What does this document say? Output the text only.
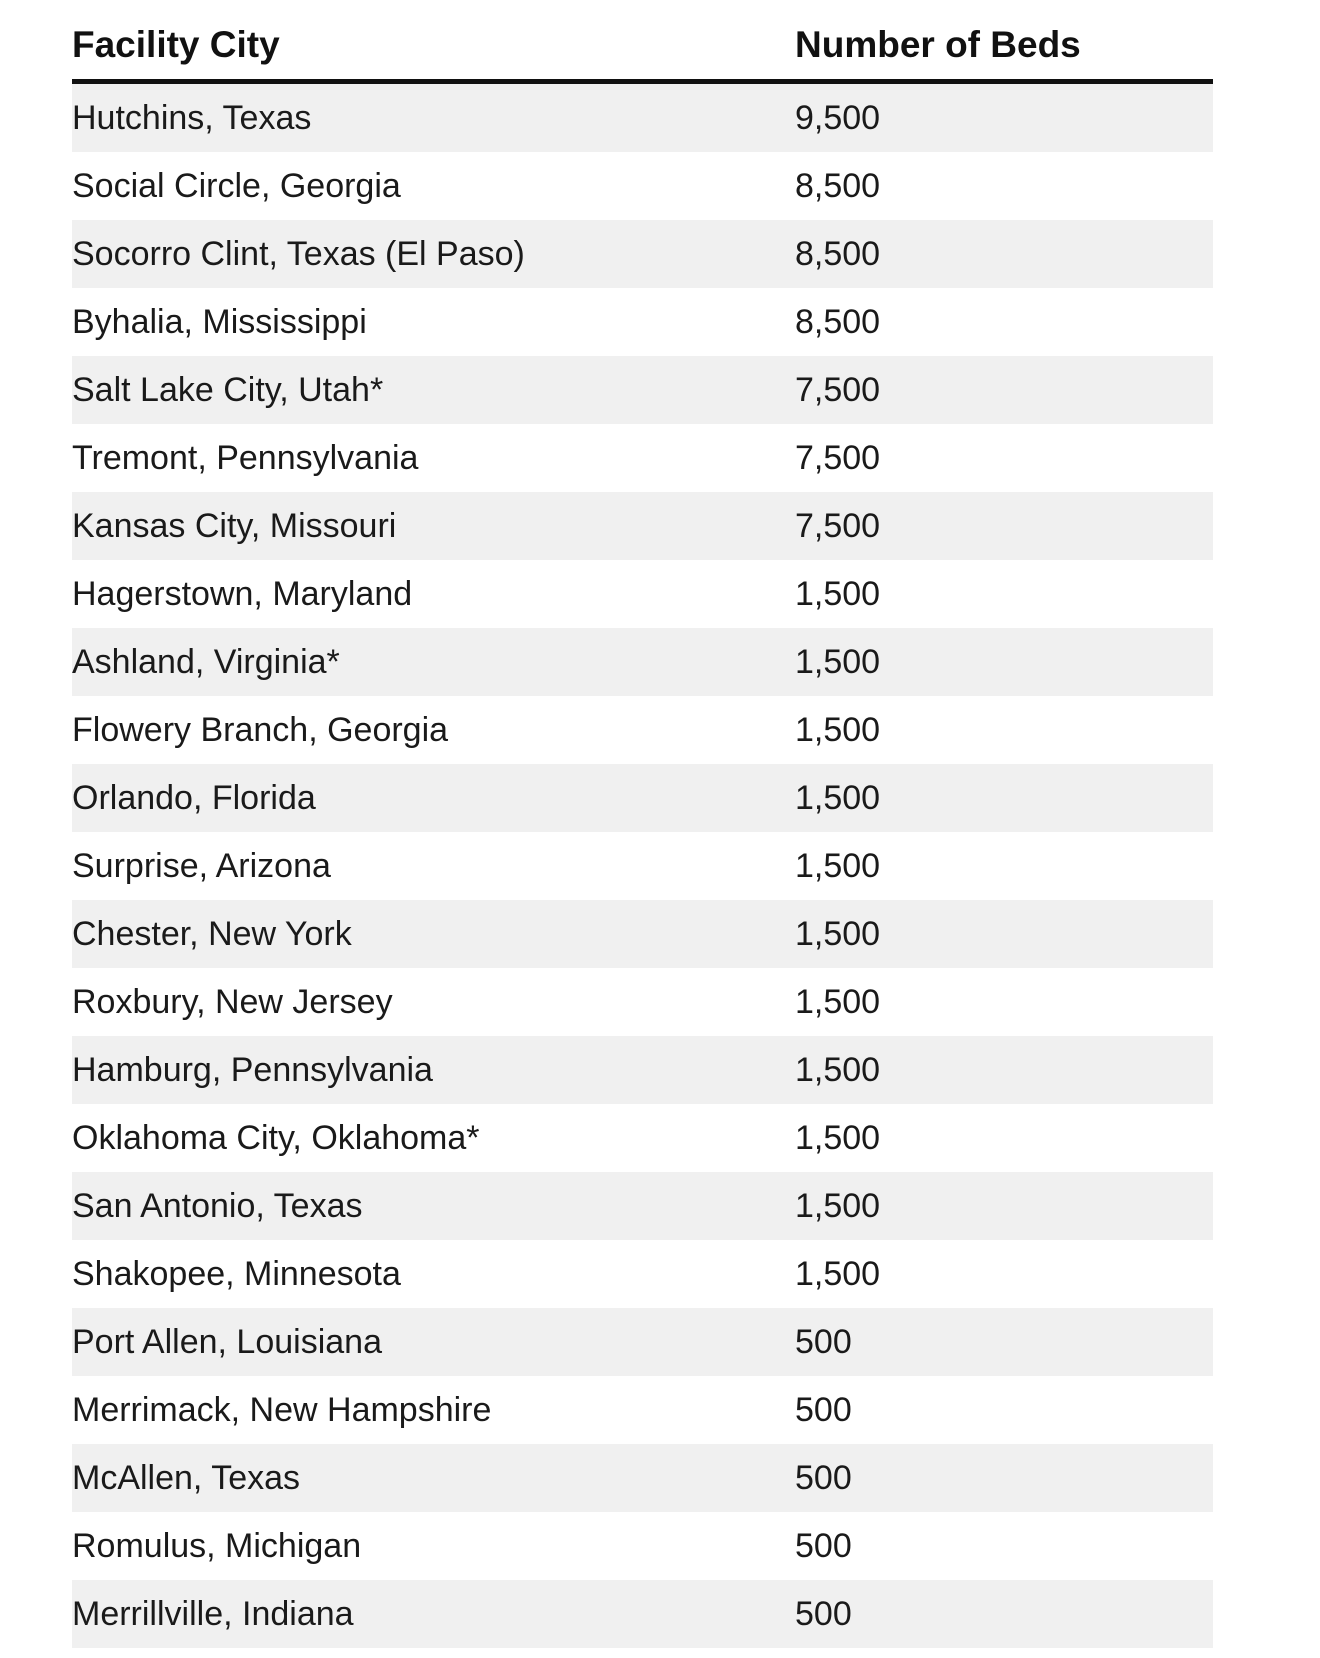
Facility City	Number of Beds
Hutchins, Texas	9,500
Social Circle, Georgia	8,500
Socorro Clint, Texas (El Paso)	8,500
Byhalia, Mississippi	8,500
Salt Lake City, Utah*	7,500
Tremont, Pennsylvania	7,500
Kansas City, Missouri	7,500
Hagerstown, Maryland	1,500
Ashland, Virginia*	1,500
Flowery Branch, Georgia	1,500
Orlando, Florida	1,500
Surprise, Arizona	1,500
Chester, New York	1,500
Roxbury, New Jersey	1,500
Hamburg, Pennsylvania	1,500
Oklahoma City, Oklahoma*	1,500
San Antonio, Texas	1,500
Shakopee, Minnesota	1,500
Port Allen, Louisiana	500
Merrimack, New Hampshire	500
McAllen, Texas	500
Romulus, Michigan	500
Merrillville, Indiana	500
